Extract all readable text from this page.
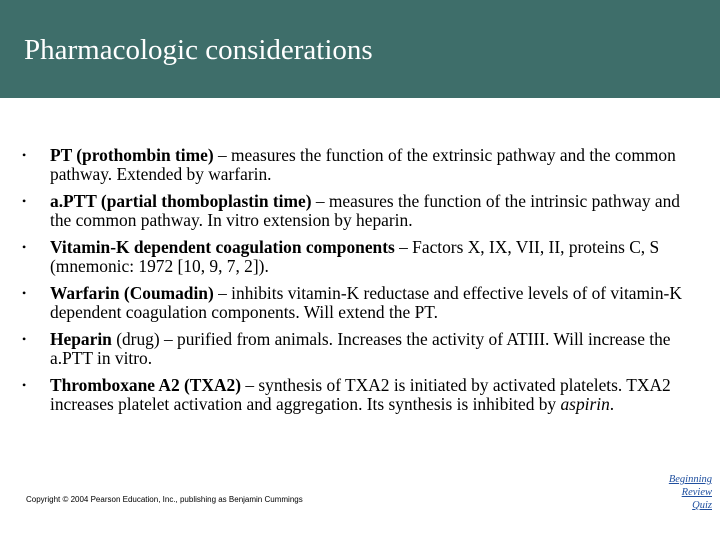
Pharmacologic considerations
•	PT (prothombin time) – measures the function of the extrinsic pathway and the common pathway. Extended by warfarin.
•	a.PTT (partial thomboplastin time) – measures the function of the intrinsic pathway and the common pathway. In vitro extension by heparin.
•	Vitamin-K dependent coagulation components – Factors X, IX, VII, II, proteins C, S (mnemonic: 1972 [10, 9, 7, 2]).
•	Warfarin (Coumadin) – inhibits vitamin-K reductase and effective levels of of vitamin-K dependent coagulation components. Will extend the PT.
•	Heparin (drug) – purified from animals. Increases the activity of ATIII. Will increase the a.PTT in vitro.
•	Thromboxane A2 (TXA2) – synthesis of TXA2 is initiated by activated platelets. TXA2 increases platelet activation and aggregation. Its synthesis is inhibited by aspirin.
Copyright © 2004 Pearson Education, Inc., publishing as Benjamin Cummings
Beginning
Review
Quiz
